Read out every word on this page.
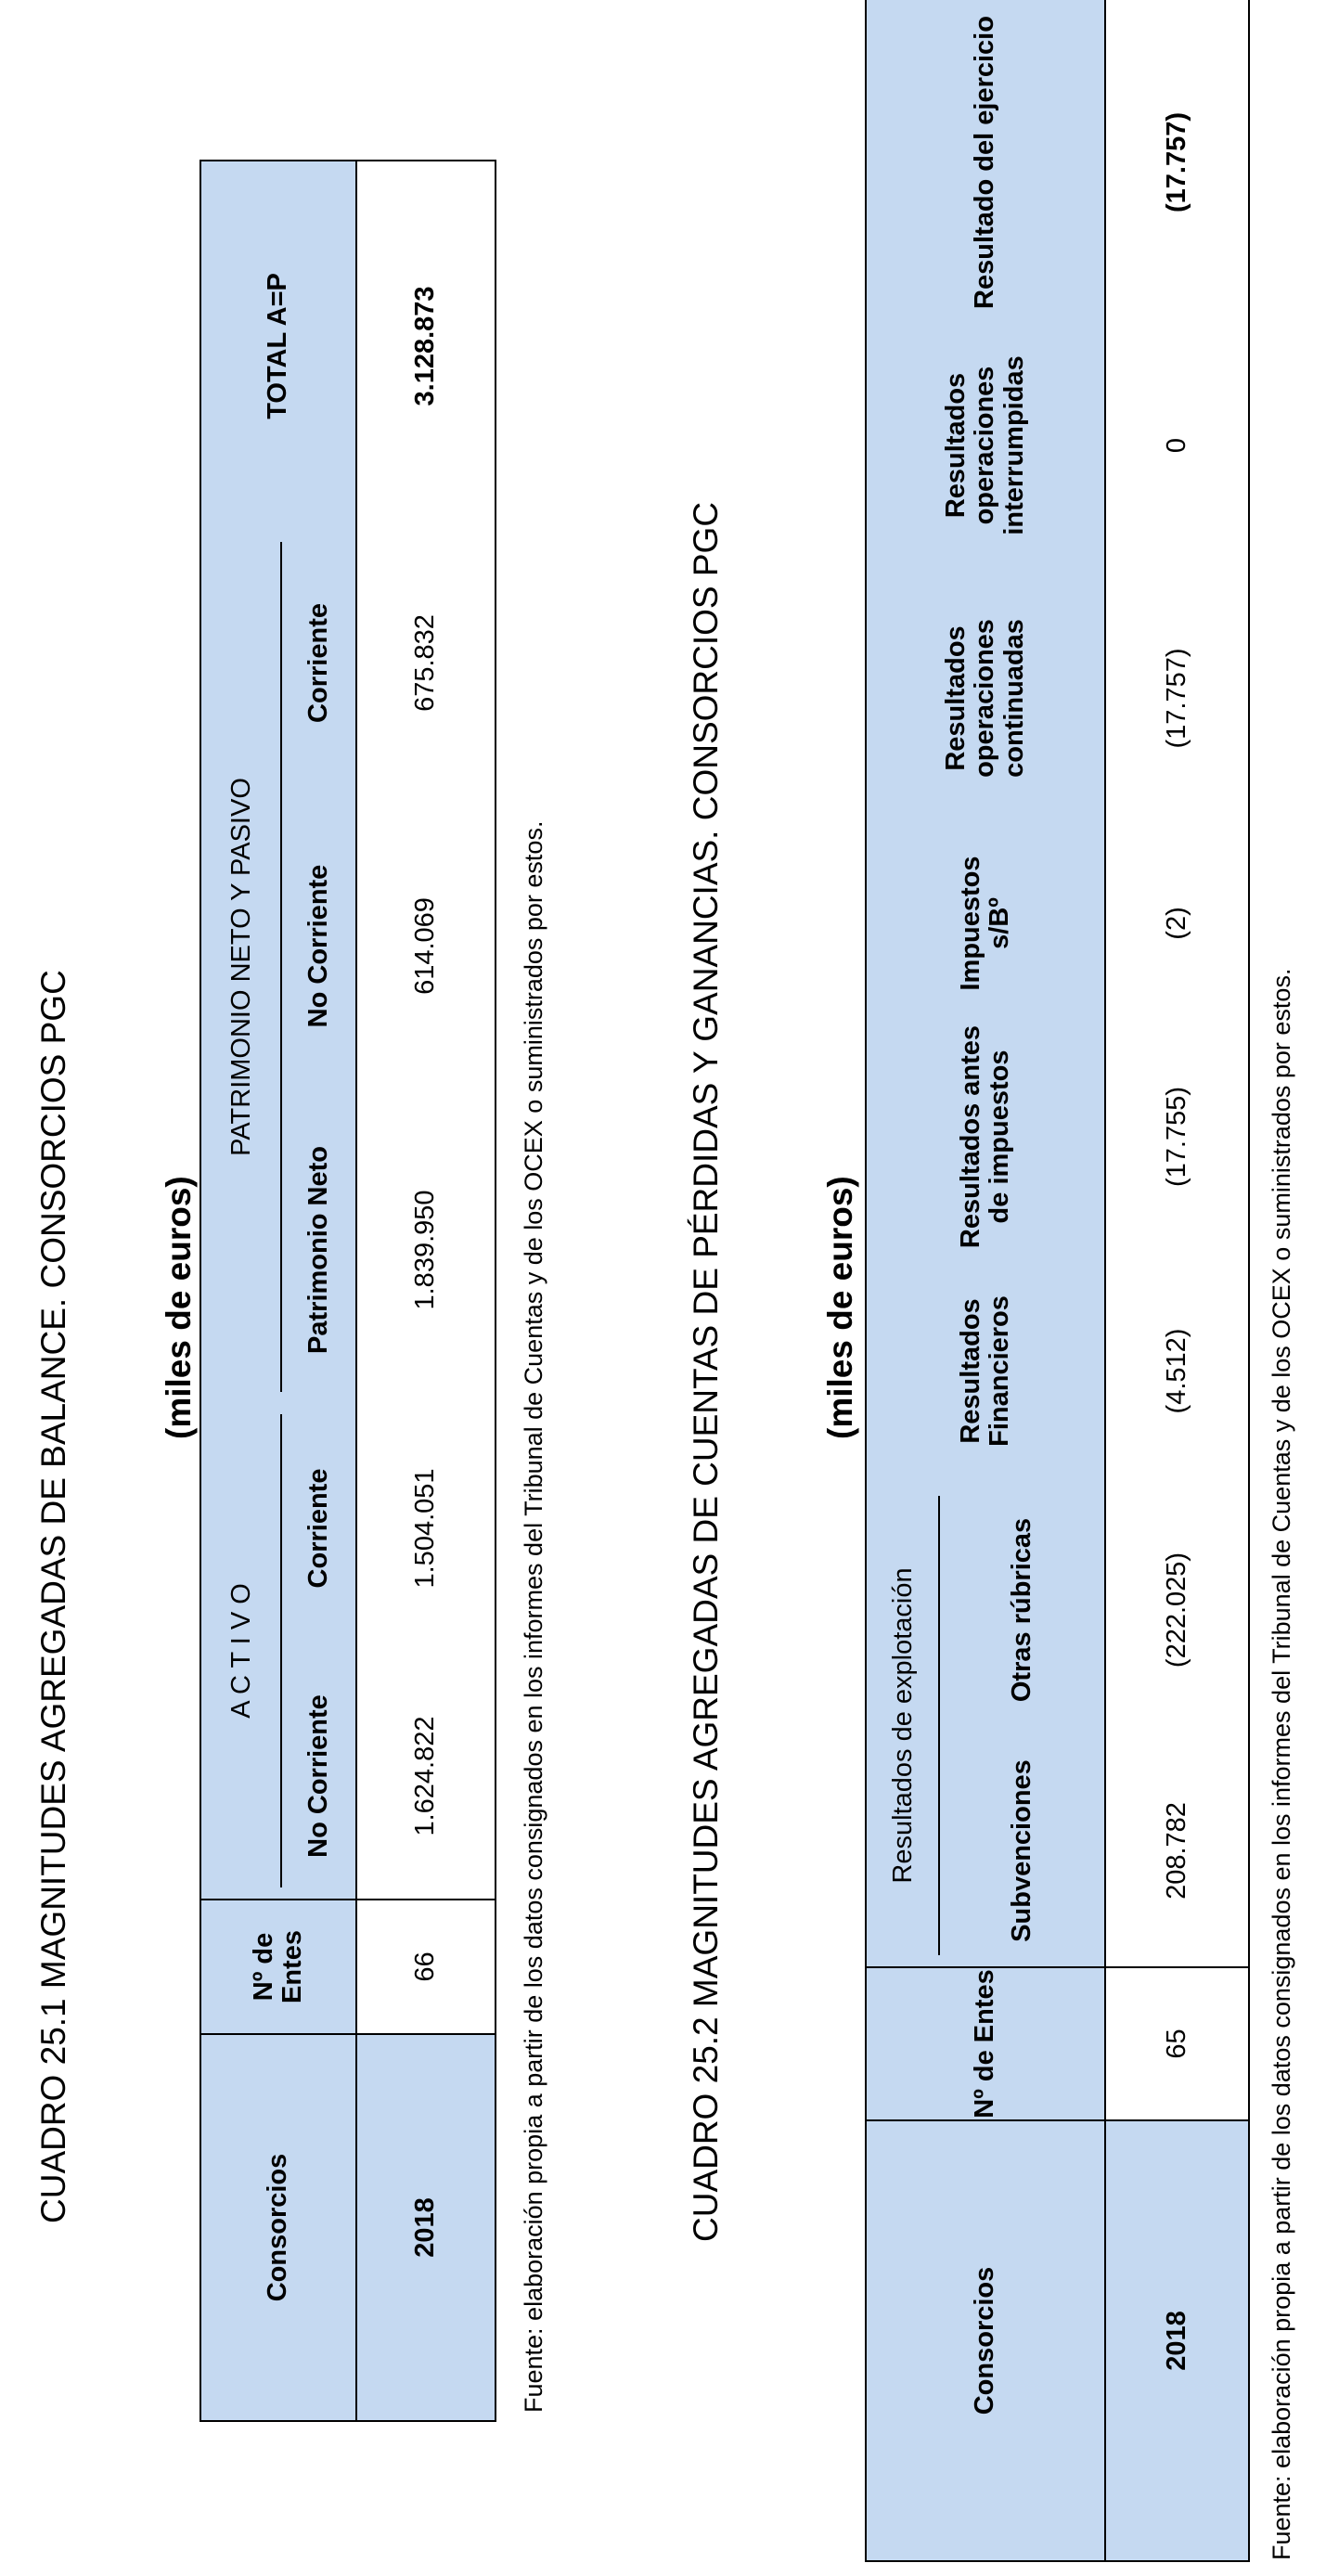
CUADRO 25.1 MAGNITUDES AGREGADAS DE BALANCE. CONSORCIOS PGC	(miles de euros)
Consorcios	Nº de Entes	A C T I V O		PATRIMONIO NETO Y PASIVO			TOTAL A=P
		No Corriente	Corriente	Patrimonio Neto	No Corriente	Corriente	
2018	66	1.624.822	1.504.051	1.839.950	614.069	675.832	3.128.873
Fuente: elaboración propia a partir de los datos consignados en los informes del Tribunal de Cuentas y de los OCEX o suministrados por estos.	CUADRO 25.2 MAGNITUDES AGREGADAS DE CUENTAS DE PÉRDIDAS Y GANANCIAS. CONSORCIOS PGC	(miles de euros)
Consorcios	Nº de Entes	Resultados de explotación		Resultados Financieros	Resultados antes de impuestos	Impuestos s/Bº	Resultados operaciones continuadas	Resultados operaciones interrumpidas	Resultado del ejercicio
		Subvenciones	Otras rúbricas						
2018	65	208.782	(222.025)	(4.512)	(17.755)	(2)	(17.757)	0	(17.757)
Fuente: elaboración propia a partir de los datos consignados en los informes del Tribunal de Cuentas y de los OCEX o suministrados por estos.
